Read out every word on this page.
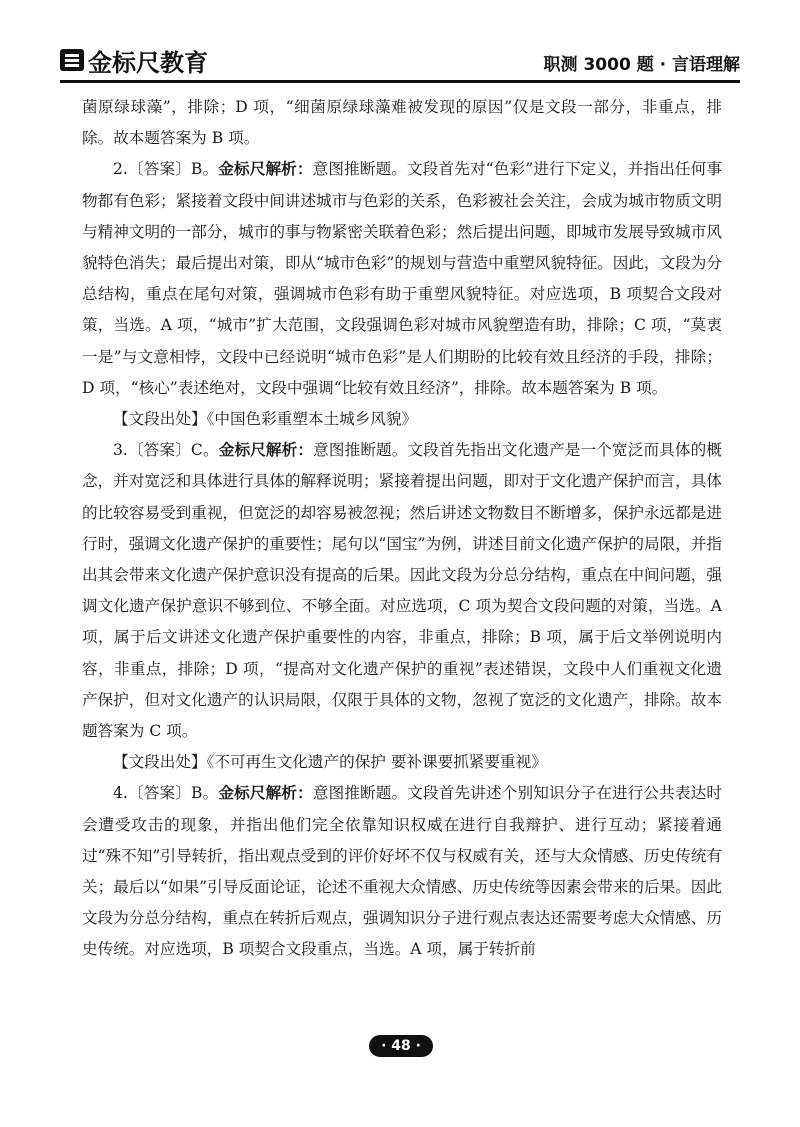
金标尺教育	职测 3000 题 · 言语理解

菌原绿球藻”，排除；D 项，“细菌原绿球藻难被发现的原因”仅是文段一部分，非重点，排除。故本题答案为 B 项。

2.〔答案〕B。金标尺解析：意图推断题。文段首先对“色彩”进行下定义，并指出任何事物都有色彩；紧接着文段中间讲述城市与色彩的关系，色彩被社会关注，会成为城市物质文明与精神文明的一部分，城市的事与物紧密关联着色彩；然后提出问题，即城市发展导致城市风貌特色消失；最后提出对策，即从“城市色彩”的规划与营造中重塑风貌特征。因此，文段为分总结构，重点在尾句对策，强调城市色彩有助于重塑风貌特征。对应选项，B 项契合文段对策，当选。A 项，“城市”扩大范围，文段强调色彩对城市风貌塑造有助，排除；C 项，“莫衷一是”与文意相悖，文段中已经说明“城市色彩”是人们期盼的比较有效且经济的手段，排除；D 项，“核心”表述绝对，文段中强调“比较有效且经济”，排除。故本题答案为 B 项。

【文段出处】《中国色彩重塑本土城乡风貌》

3.〔答案〕C。金标尺解析：意图推断题。文段首先指出文化遗产是一个宽泛而具体的概念，并对宽泛和具体进行具体的解释说明；紧接着提出问题，即对于文化遗产保护而言，具体的比较容易受到重视，但宽泛的却容易被忽视；然后讲述文物数目不断增多，保护永远都是进行时，强调文化遗产保护的重要性；尾句以“国宝”为例，讲述目前文化遗产保护的局限，并指出其会带来文化遗产保护意识没有提高的后果。因此文段为分总分结构，重点在中间问题，强调文化遗产保护意识不够到位、不够全面。对应选项，C 项为契合文段问题的对策，当选。A 项，属于后文讲述文化遗产保护重要性的内容，非重点，排除；B 项，属于后文举例说明内容，非重点，排除；D 项，“提高对文化遗产保护的重视”表述错误，文段中人们重视文化遗产保护，但对文化遗产的认识局限，仅限于具体的文物，忽视了宽泛的文化遗产，排除。故本题答案为 C 项。

【文段出处】《不可再生文化遗产的保护 要补课要抓紧要重视》

4.〔答案〕B。金标尺解析：意图推断题。文段首先讲述个别知识分子在进行公共表达时会遭受攻击的现象，并指出他们完全依靠知识权威在进行自我辩护、进行互动；紧接着通过“殊不知”引导转折，指出观点受到的评价好坏不仅与权威有关，还与大众情感、历史传统有关；最后以“如果”引导反面论证，论述不重视大众情感、历史传统等因素会带来的后果。因此文段为分总分结构，重点在转折后观点，强调知识分子进行观点表达还需要考虑大众情感、历史传统。对应选项，B 项契合文段重点，当选。A 项，属于转折前

· 48 ·
